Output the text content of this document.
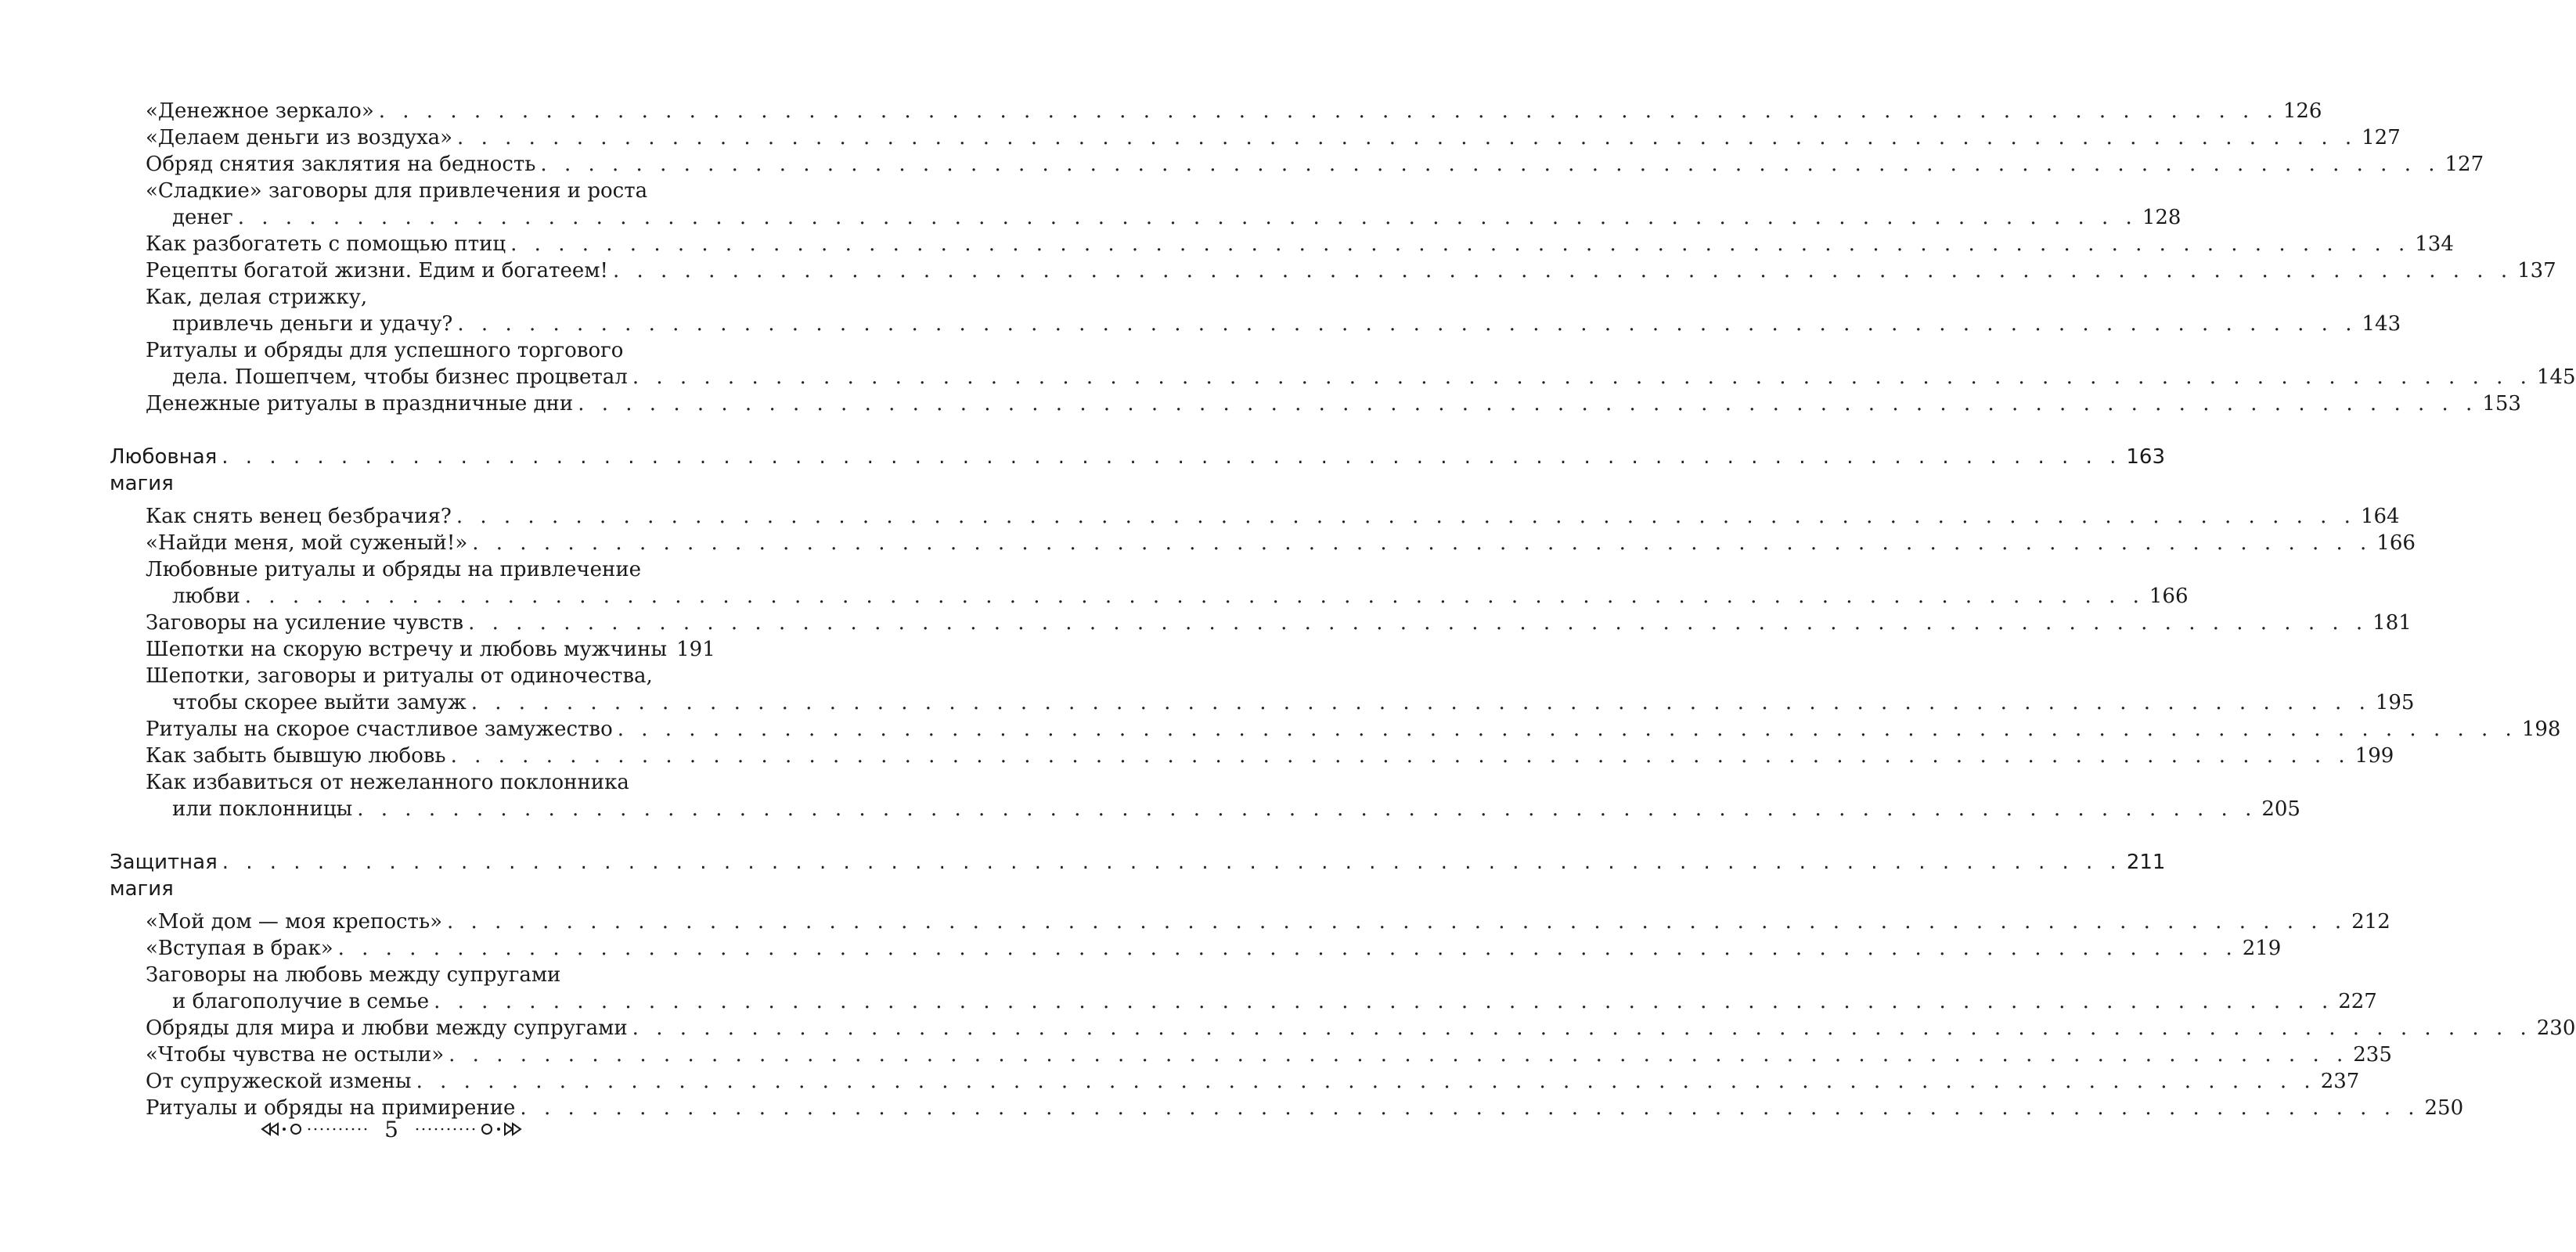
«Денежное зеркало» . . . . . . . . . . . . . . . . . . . . . . . . . . . . . . . . . . . . . . . . . . . . . . . . . . . . . . . . . . . . . . . . . . . . . . . . . . . . . . . . 126
«Делаем деньги из воздуха» . . . . . . . . . . . . . . . . . . . . . . . . . . . . . . . . . . . . . . . . . . . . . . . . . . . . . . . . . . . . . . . . . . . . . . . . . . . . . . . . 127
Обряд снятия заклятия на бедность . . . . . . . . . . . . . . . . . . . . . . . . . . . . . . . . . . . . . . . . . . . . . . . . . . . . . . . . . . . . . . . . . . . . . . . . . . . . . . . . 127
«Сладкие» заговоры для привлечения и роста
денег . . . . . . . . . . . . . . . . . . . . . . . . . . . . . . . . . . . . . . . . . . . . . . . . . . . . . . . . . . . . . . . . . . . . . . . . . . . . . . . . 128
Как разбогатеть с помощью птиц . . . . . . . . . . . . . . . . . . . . . . . . . . . . . . . . . . . . . . . . . . . . . . . . . . . . . . . . . . . . . . . . . . . . . . . . . . . . . . . . 134
Рецепты богатой жизни. Едим и богатеем! . . . . . . . . . . . . . . . . . . . . . . . . . . . . . . . . . . . . . . . . . . . . . . . . . . . . . . . . . . . . . . . . . . . . . . . . . . . . . . . . 137
Как, делая стрижку,
привлечь деньги и удачу? . . . . . . . . . . . . . . . . . . . . . . . . . . . . . . . . . . . . . . . . . . . . . . . . . . . . . . . . . . . . . . . . . . . . . . . . . . . . . . . . 143
Ритуалы и обряды для успешного торгового
дела. Пошепчем, чтобы бизнес процветал . . . . . . . . . . . . . . . . . . . . . . . . . . . . . . . . . . . . . . . . . . . . . . . . . . . . . . . . . . . . . . . . . . . . . . . . . . . . . . . . 145
Денежные ритуалы в праздничные дни . . . . . . . . . . . . . . . . . . . . . . . . . . . . . . . . . . . . . . . . . . . . . . . . . . . . . . . . . . . . . . . . . . . . . . . . . . . . . . . . 153
Любовная магия
. . . . . . . . . . . . . . . . . . . . . . . . . . . . . . . . . . . . . . . . . . . . . . . . . . . . . . . . . . . . . . . . . . . . . . . . . . . . . . . . 163
Как снять венец безбрачия? . . . . . . . . . . . . . . . . . . . . . . . . . . . . . . . . . . . . . . . . . . . . . . . . . . . . . . . . . . . . . . . . . . . . . . . . . . . . . . . . 164
«Найди меня, мой суженый!» . . . . . . . . . . . . . . . . . . . . . . . . . . . . . . . . . . . . . . . . . . . . . . . . . . . . . . . . . . . . . . . . . . . . . . . . . . . . . . . . 166
Любовные ритуалы и обряды на привлечение
любви . . . . . . . . . . . . . . . . . . . . . . . . . . . . . . . . . . . . . . . . . . . . . . . . . . . . . . . . . . . . . . . . . . . . . . . . . . . . . . . . 166
Заговоры на усиление чувств . . . . . . . . . . . . . . . . . . . . . . . . . . . . . . . . . . . . . . . . . . . . . . . . . . . . . . . . . . . . . . . . . . . . . . . . . . . . . . . . 181
Шепотки на скорую встречу и любовь мужчины 191
Шепотки, заговоры и ритуалы от одиночества,
чтобы скорее выйти замуж . . . . . . . . . . . . . . . . . . . . . . . . . . . . . . . . . . . . . . . . . . . . . . . . . . . . . . . . . . . . . . . . . . . . . . . . . . . . . . . . 195
Ритуалы на скорое счастливое замужество . . . . . . . . . . . . . . . . . . . . . . . . . . . . . . . . . . . . . . . . . . . . . . . . . . . . . . . . . . . . . . . . . . . . . . . . . . . . . . . . 198
Как забыть бывшую любовь . . . . . . . . . . . . . . . . . . . . . . . . . . . . . . . . . . . . . . . . . . . . . . . . . . . . . . . . . . . . . . . . . . . . . . . . . . . . . . . . 199
Как избавиться от нежеланного поклонника
или поклонницы . . . . . . . . . . . . . . . . . . . . . . . . . . . . . . . . . . . . . . . . . . . . . . . . . . . . . . . . . . . . . . . . . . . . . . . . . . . . . . . . 205
Защитная магия
. . . . . . . . . . . . . . . . . . . . . . . . . . . . . . . . . . . . . . . . . . . . . . . . . . . . . . . . . . . . . . . . . . . . . . . . . . . . . . . . 211
«Мой дом — моя крепость» . . . . . . . . . . . . . . . . . . . . . . . . . . . . . . . . . . . . . . . . . . . . . . . . . . . . . . . . . . . . . . . . . . . . . . . . . . . . . . . . 212
«Вступая в брак» . . . . . . . . . . . . . . . . . . . . . . . . . . . . . . . . . . . . . . . . . . . . . . . . . . . . . . . . . . . . . . . . . . . . . . . . . . . . . . . . 219
Заговоры на любовь между супругами
и благополучие в семье . . . . . . . . . . . . . . . . . . . . . . . . . . . . . . . . . . . . . . . . . . . . . . . . . . . . . . . . . . . . . . . . . . . . . . . . . . . . . . . . 227
Обряды для мира и любви между супругами . . . . . . . . . . . . . . . . . . . . . . . . . . . . . . . . . . . . . . . . . . . . . . . . . . . . . . . . . . . . . . . . . . . . . . . . . . . . . . . . 230
«Чтобы чувства не остыли» . . . . . . . . . . . . . . . . . . . . . . . . . . . . . . . . . . . . . . . . . . . . . . . . . . . . . . . . . . . . . . . . . . . . . . . . . . . . . . . . 235
От супружеской измены . . . . . . . . . . . . . . . . . . . . . . . . . . . . . . . . . . . . . . . . . . . . . . . . . . . . . . . . . . . . . . . . . . . . . . . . . . . . . . . . 237
Ритуалы и обряды на примирение . . . . . . . . . . . . . . . . . . . . . . . . . . . . . . . . . . . . . . . . . . . . . . . . . . . . . . . . . . . . . . . . . . . . . . . . . . . . . . . . 250
5
